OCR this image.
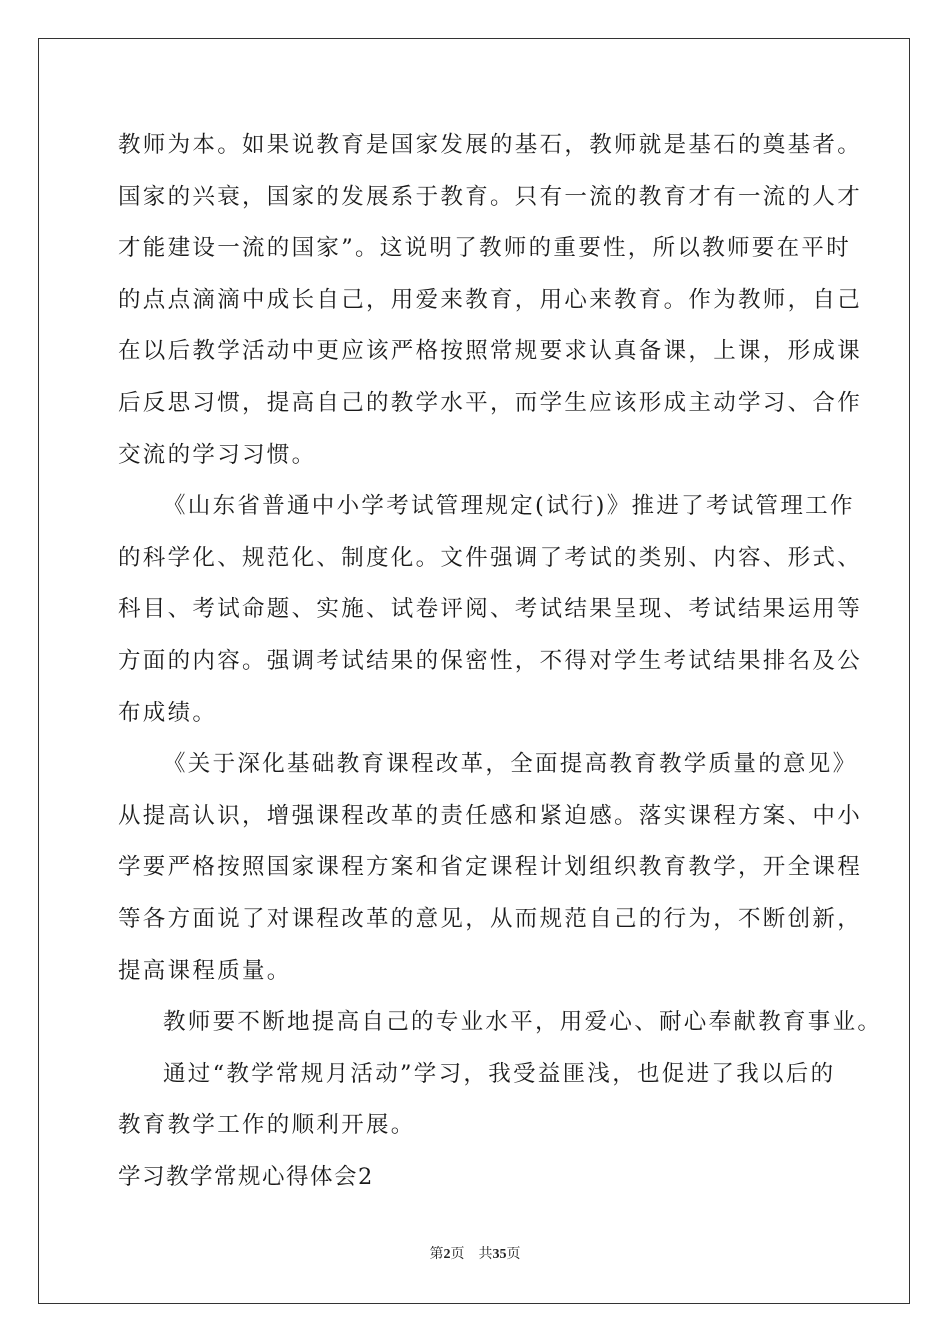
教师为本。如果说教育是国家发展的基石，教师就是基石的奠基者。
国家的兴衰，国家的发展系于教育。只有一流的教育才有一流的人才
才能建设一流的国家”。这说明了教师的重要性，所以教师要在平时
的点点滴滴中成长自己，用爱来教育，用心来教育。作为教师，自己
在以后教学活动中更应该严格按照常规要求认真备课，上课，形成课
后反思习惯，提高自己的教学水平，而学生应该形成主动学习、合作
交流的学习习惯。
《山东省普通中小学考试管理规定(试行)》推进了考试管理工作
的科学化、规范化、制度化。文件强调了考试的类别、内容、形式、
科目、考试命题、实施、试卷评阅、考试结果呈现、考试结果运用等
方面的内容。强调考试结果的保密性，不得对学生考试结果排名及公
布成绩。
《关于深化基础教育课程改革，全面提高教育教学质量的意见》
从提高认识，增强课程改革的责任感和紧迫感。落实课程方案、中小
学要严格按照国家课程方案和省定课程计划组织教育教学，开全课程
等各方面说了对课程改革的意见，从而规范自己的行为，不断创新，
提高课程质量。
教师要不断地提高自己的专业水平，用爱心、耐心奉献教育事业。
通过“教学常规月活动”学习，我受益匪浅，也促进了我以后的
教育教学工作的顺利开展。
学习教学常规心得体会2
第2页 共35页
